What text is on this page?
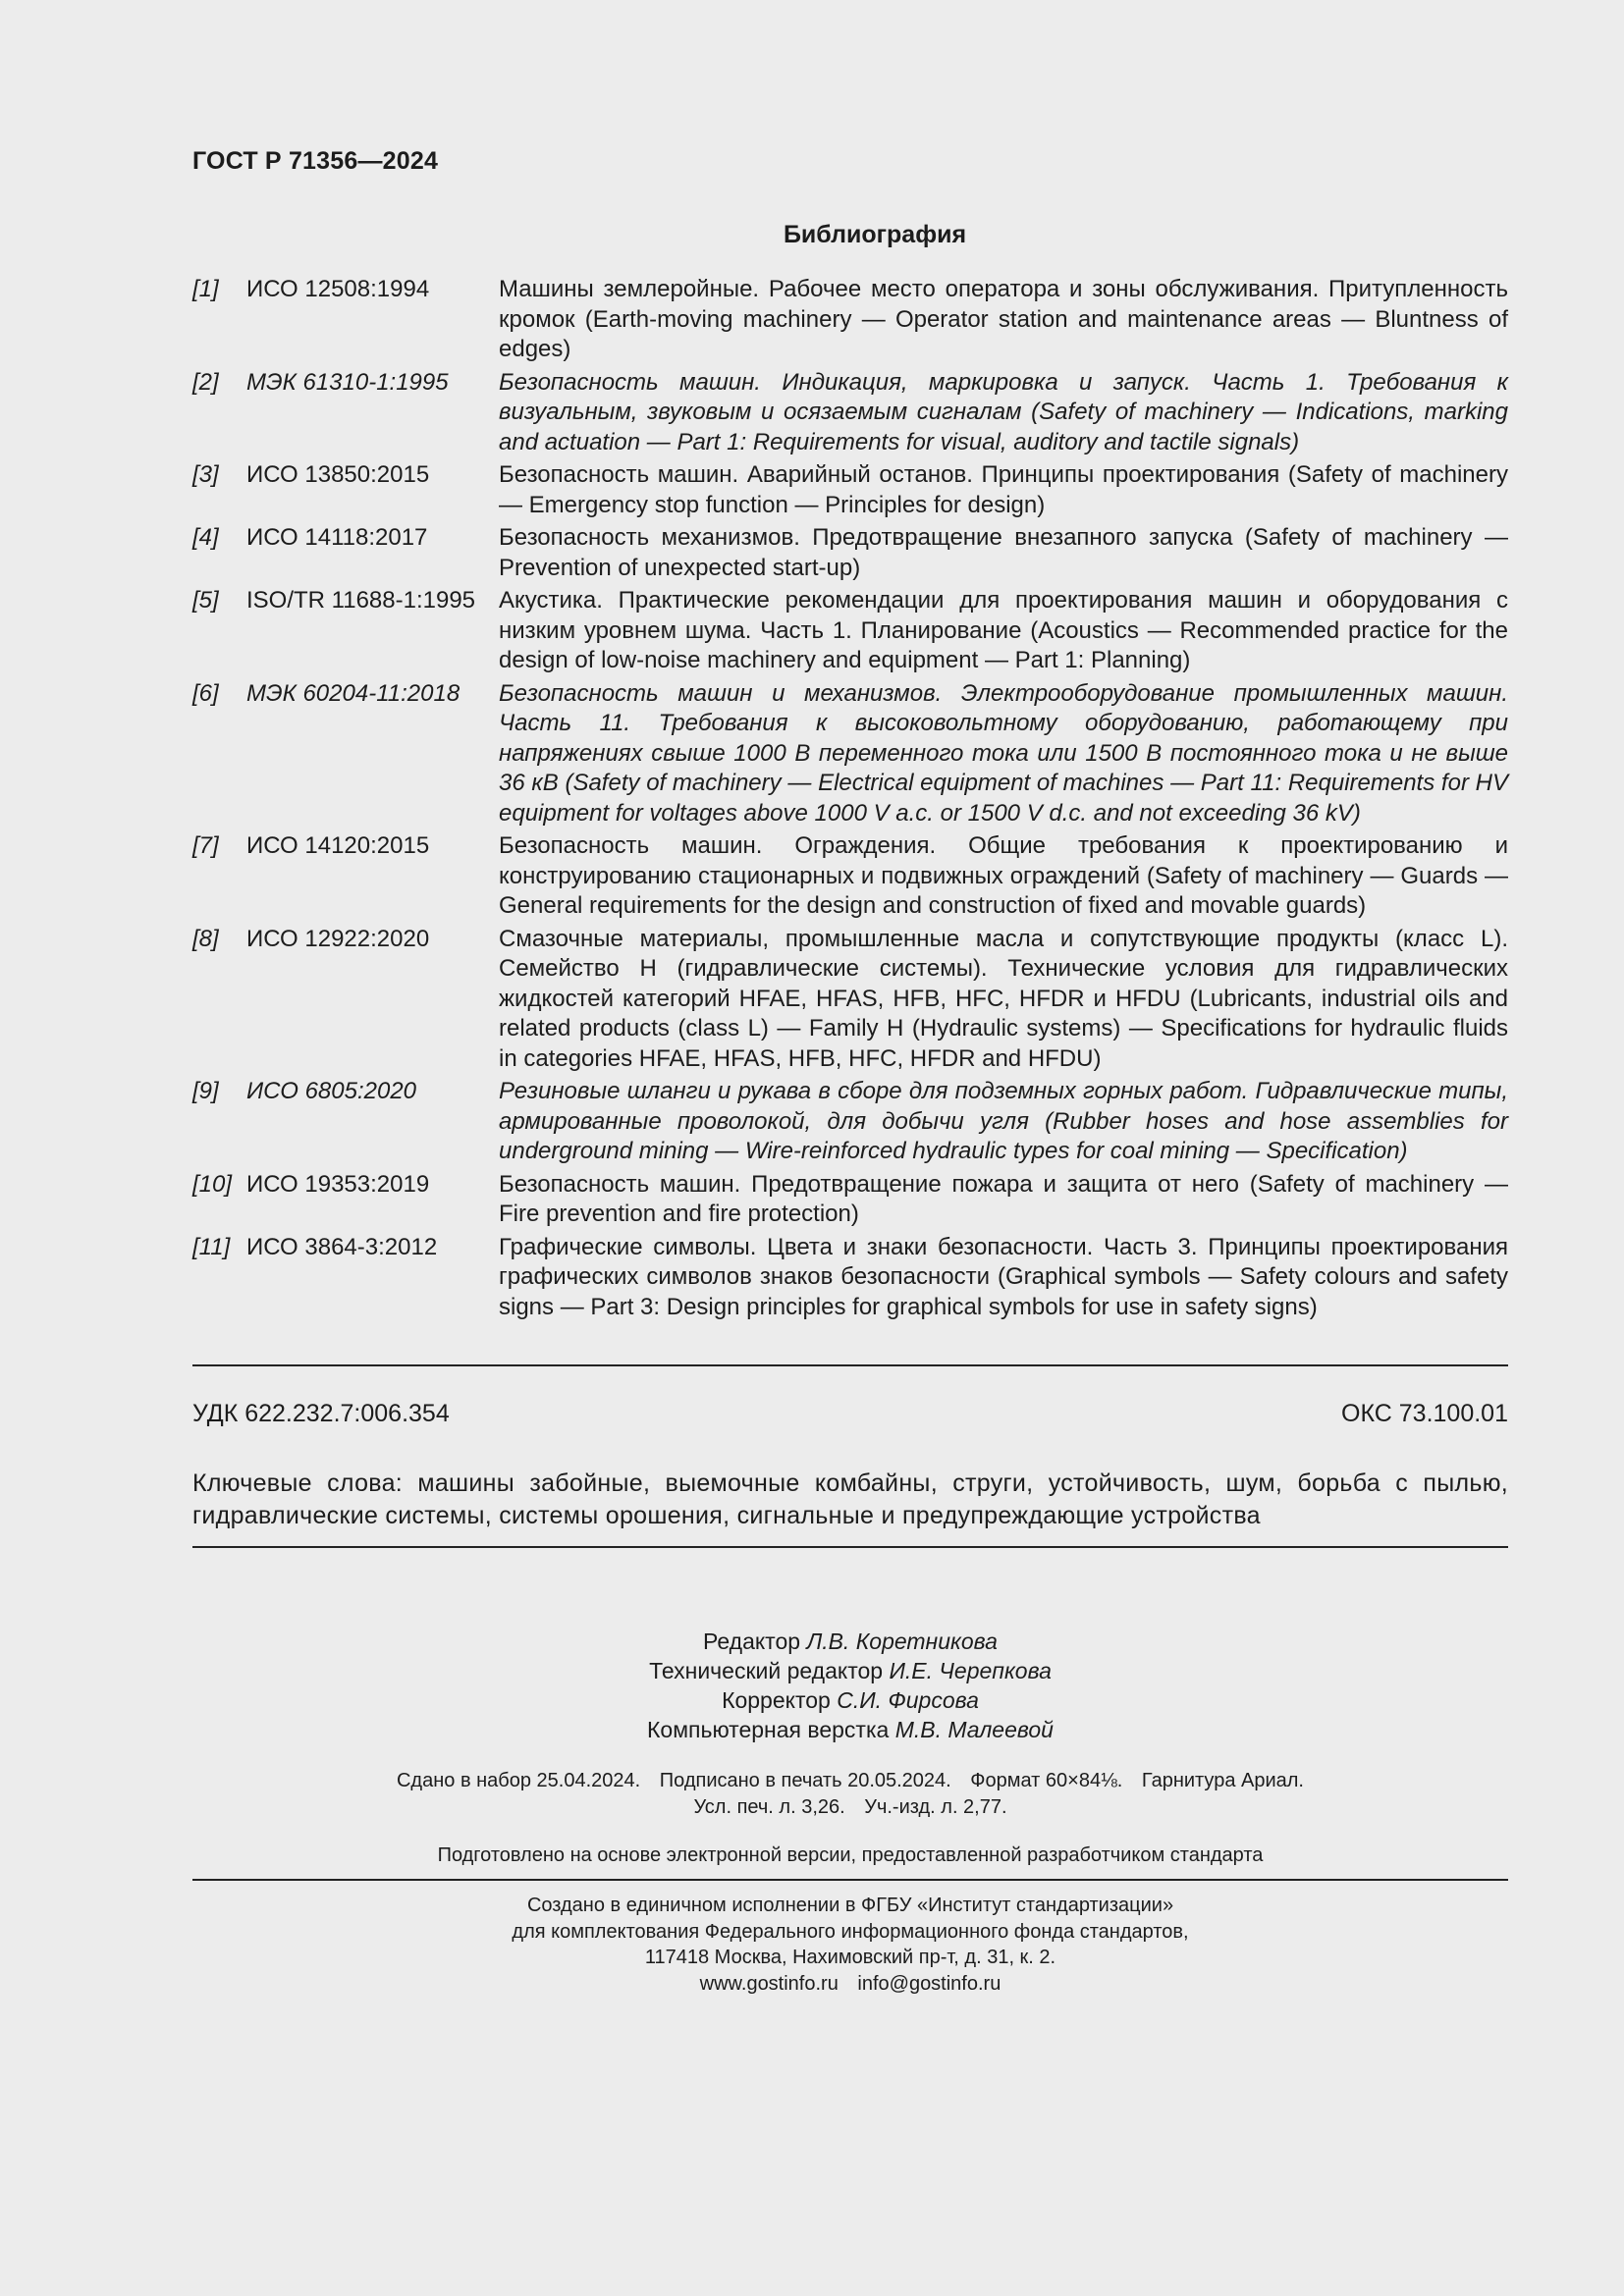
ГОСТ Р 71356—2024
Библиография
[1]	ИСО 12508:1994	Машины землеройные. Рабочее место оператора и зоны обслуживания. Притупленность кромок (Earth-moving machinery — Operator station and maintenance areas — Bluntness of edges)
[2]	МЭК 61310-1:1995	Безопасность машин. Индикация, маркировка и запуск. Часть 1. Требования к визуальным, звуковым и осязаемым сигналам (Safety of machinery — Indications, marking and actuation — Part 1: Requirements for visual, auditory and tactile signals)
[3]	ИСО 13850:2015	Безопасность машин. Аварийный останов. Принципы проектирования (Safety of machinery — Emergency stop function — Principles for design)
[4]	ИСО 14118:2017	Безопасность механизмов. Предотвращение внезапного запуска (Safety of machinery — Prevention of unexpected start-up)
[5]	ISO/TR 11688-1:1995 Акустика. Практические рекомендации для проектирования машин и оборудования с низким уровнем шума. Часть 1. Планирование (Acoustics — Recommended practice for the design of low-noise machinery and equipment — Part 1: Planning)
[6]	МЭК 60204-11:2018	Безопасность машин и механизмов. Электрооборудование промышленных машин. Часть 11. Требования к высоковольтному оборудованию, работающему при напряжениях свыше 1000 В переменного тока или 1500 В постоянного тока и не выше 36 кВ (Safety of machinery — Electrical equipment of machines — Part 11: Requirements for HV equipment for voltages above 1000 V a.c. or 1500 V d.c. and not exceeding 36 kV)
[7]	ИСО 14120:2015	Безопасность машин. Ограждения. Общие требования к проектированию и конструированию стационарных и подвижных ограждений (Safety of machinery — Guards — General requirements for the design and construction of fixed and movable guards)
[8]	ИСО 12922:2020	Смазочные материалы, промышленные масла и сопутствующие продукты (класс L). Семейство H (гидравлические системы). Технические условия для гидравлических жидкостей категорий HFAE, HFAS, HFB, HFC, HFDR и HFDU (Lubricants, industrial oils and related products (class L) — Family H (Hydraulic systems) — Specifications for hydraulic fluids in categories HFAE, HFAS, HFB, HFC, HFDR and HFDU)
[9]	ИСО 6805:2020	Резиновые шланги и рукава в сборе для подземных горных работ. Гидравлические типы, армированные проволокой, для добычи угля (Rubber hoses and hose assemblies for underground mining — Wire-reinforced hydraulic types for coal mining — Specification)
[10] ИСО 19353:2019	Безопасность машин. Предотвращение пожара и защита от него (Safety of machinery — Fire prevention and fire protection)
[11] ИСО 3864-3:2012	Графические символы. Цвета и знаки безопасности. Часть 3. Принципы проектирования графических символов знаков безопасности (Graphical symbols — Safety colours and safety signs — Part 3: Design principles for graphical symbols for use in safety signs)
УДК 622.232.7:006.354	ОКС 73.100.01

Ключевые слова: машины забойные, выемочные комбайны, струги, устойчивость, шум, борьба с пылью, гидравлические системы, системы орошения, сигнальные и предупреждающие устройства

Редактор Л.В. Коретникова
Технический редактор И.Е. Черепкова
Корректор С.И. Фирсова
Компьютерная верстка М.В. Малеевой
Сдано в набор 25.04.2024. Подписано в печать 20.05.2024. Формат 60×84⅛. Гарнитура Ариал.
Усл. печ. л. 3,26. Уч.-изд. л. 2,77.
Подготовлено на основе электронной версии, предоставленной разработчиком стандарта
Создано в единичном исполнении в ФГБУ «Институт стандартизации»
для комплектования Федерального информационного фонда стандартов,
117418 Москва, Нахимовский пр-т, д. 31, к. 2.
www.gostinfo.ru info@gostinfo.ru
